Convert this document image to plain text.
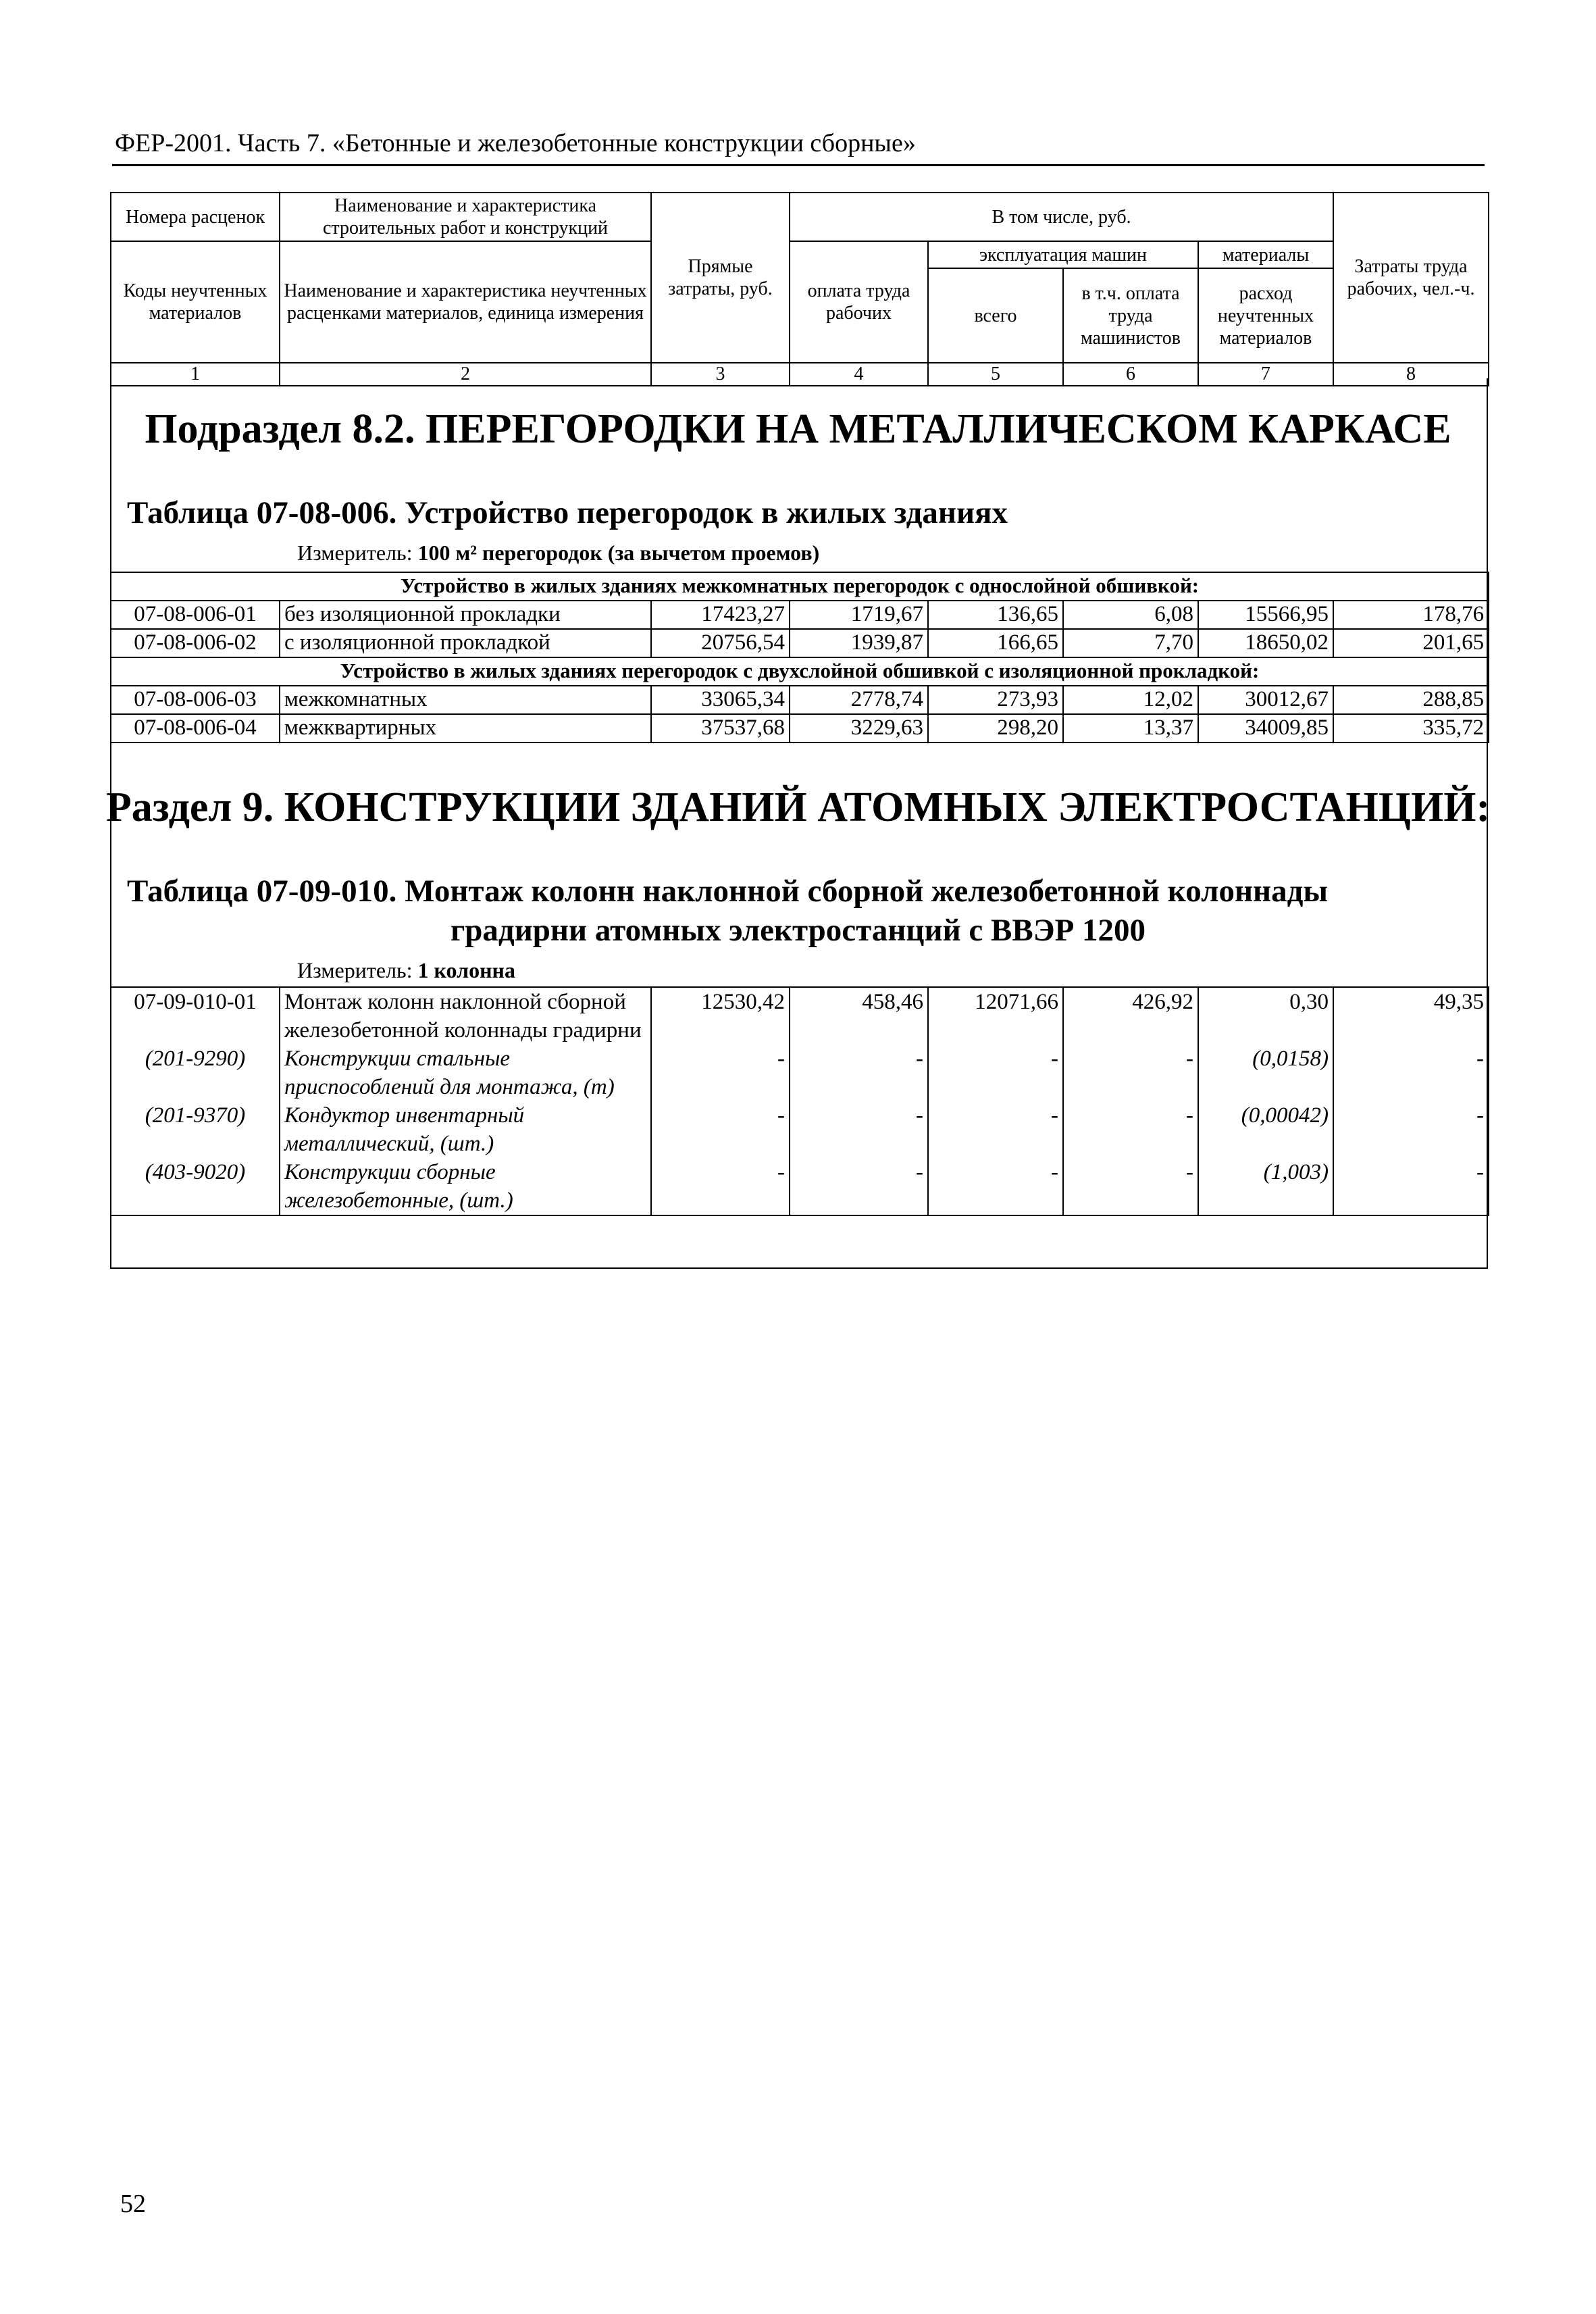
ФЕР-2001. Часть 7. «Бетонные и железобетонные конструкции сборные»
Номера расценок	Наименование и характеристика строительных работ и конструкций	Прямые затраты, руб.	В том числе, руб.				Затраты труда рабочих, чел.-ч.
Коды неучтенных материалов	Наименование и характеристика неучтенных расценками материалов, единица измерения		оплата труда рабочих	эксплуатация машин		материалы	
				всего	в т.ч. оплата труда машинистов	расход неучтенных материалов	
1	2	3	4	5	6	7	8
Подраздел 8.2. ПЕРЕГОРОДКИ НА МЕТАЛЛИЧЕСКОМ КАРКАСЕ
Таблица 07-08-006. Устройство перегородок в жилых зданиях
Измеритель: 100 м² перегородок (за вычетом проемов)
Устройство в жилых зданиях межкомнатных перегородок с однослойной обшивкой:							
07-08-006-01	без изоляционной прокладки	17423,27	1719,67	136,65	6,08	15566,95	178,76
07-08-006-02	с изоляционной прокладкой	20756,54	1939,87	166,65	7,70	18650,02	201,65
Устройство в жилых зданиях перегородок с двухслойной обшивкой с изоляционной прокладкой:							
07-08-006-03	межкомнатных	33065,34	2778,74	273,93	12,02	30012,67	288,85
07-08-006-04	межквартирных	37537,68	3229,63	298,20	13,37	34009,85	335,72
Раздел 9. КОНСТРУКЦИИ ЗДАНИЙ АТОМНЫХ ЭЛЕКТРОСТАНЦИЙ:
Таблица 07-09-010. Монтаж колонн наклонной сборной железобетонной колоннады
градирни атомных электростанций с ВВЭР 1200
Измеритель: 1 колонна
07-09-010-01	Монтаж колонн наклонной сборной железобетонной колоннады градирни	12530,42	458,46	12071,66	426,92	0,30	49,35
(201-9290)	Конструкции стальные приспособлений для монтажа, (т)	-	-	-	-	(0,0158)	-
(201-9370)	Кондуктор инвентарный металлический, (шт.)	-	-	-	-	(0,00042)	-
(403-9020)	Конструкции сборные железобетонные, (шт.)	-	-	-	-	(1,003)	-
52
